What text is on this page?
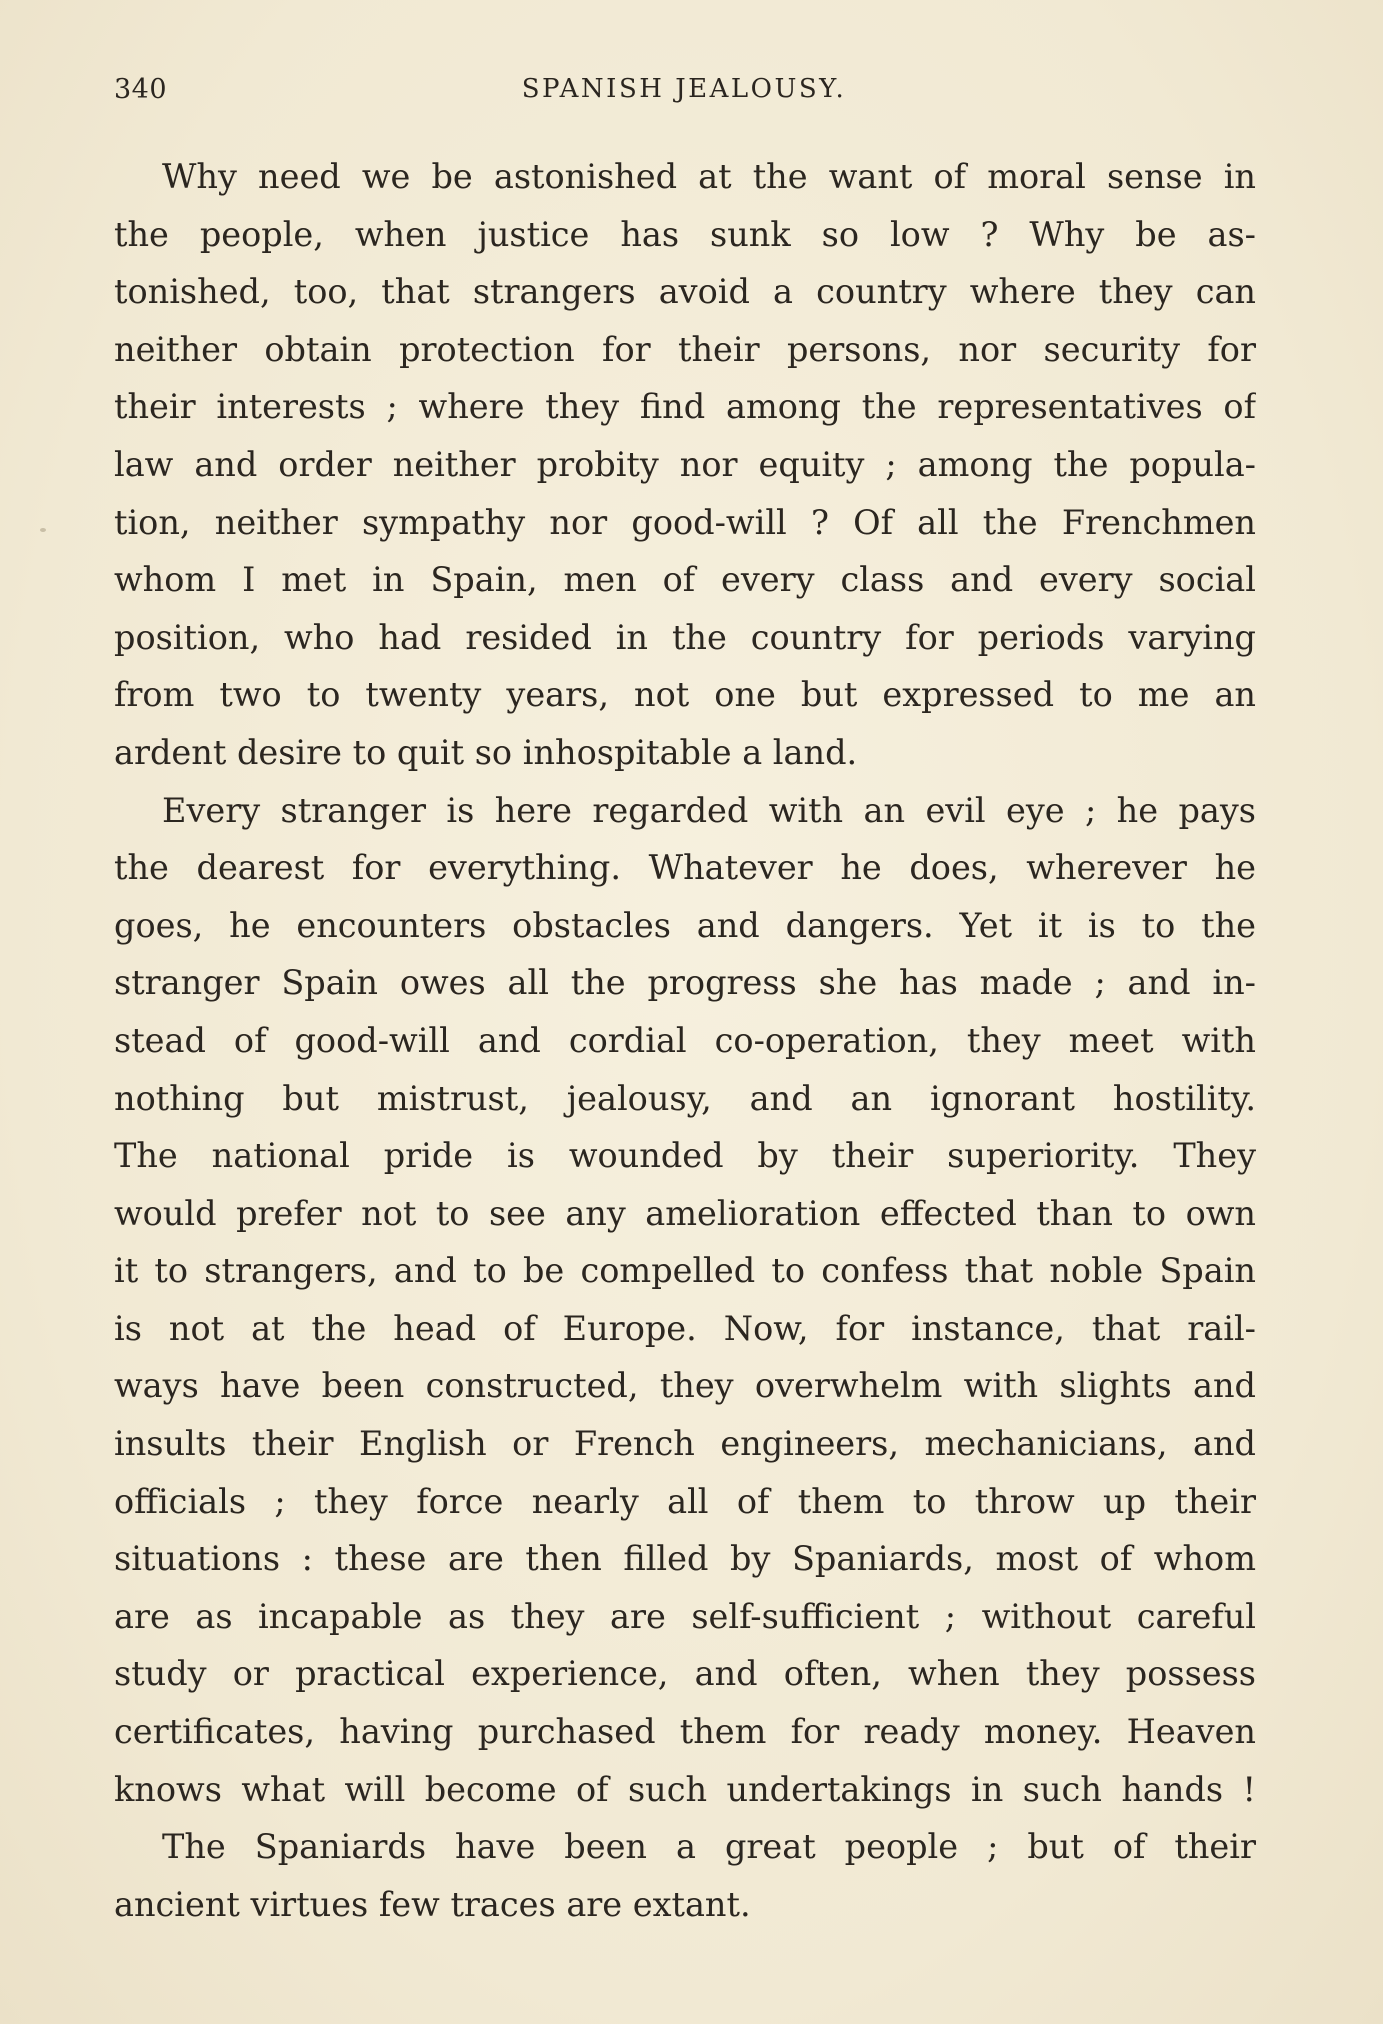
340	SPANISH JEALOUSY.
Why need we be astonished at the want of moral sense in
the people, when justice has sunk so low ? Why be as-
tonished, too, that strangers avoid a country where they can
neither obtain protection for their persons, nor security for
their interests ; where they find among the representatives of
law and order neither probity nor equity ; among the popula-
tion, neither sympathy nor good-will ? Of all the Frenchmen
whom I met in Spain, men of every class and every social
position, who had resided in the country for periods varying
from two to twenty years, not one but expressed to me an
ardent desire to quit so inhospitable a land.
Every stranger is here regarded with an evil eye ; he pays
the dearest for everything. Whatever he does, wherever he
goes, he encounters obstacles and dangers. Yet it is to the
stranger Spain owes all the progress she has made ; and in-
stead of good-will and cordial co-operation, they meet with
nothing but mistrust, jealousy, and an ignorant hostility.
The national pride is wounded by their superiority. They
would prefer not to see any amelioration effected than to own
it to strangers, and to be compelled to confess that noble Spain
is not at the head of Europe. Now, for instance, that rail-
ways have been constructed, they overwhelm with slights and
insults their English or French engineers, mechanicians, and
officials ; they force nearly all of them to throw up their
situations : these are then filled by Spaniards, most of whom
are as incapable as they are self-sufficient ; without careful
study or practical experience, and often, when they possess
certificates, having purchased them for ready money. Heaven
knows what will become of such undertakings in such hands !
The Spaniards have been a great people ; but of their
ancient virtues few traces are extant.
